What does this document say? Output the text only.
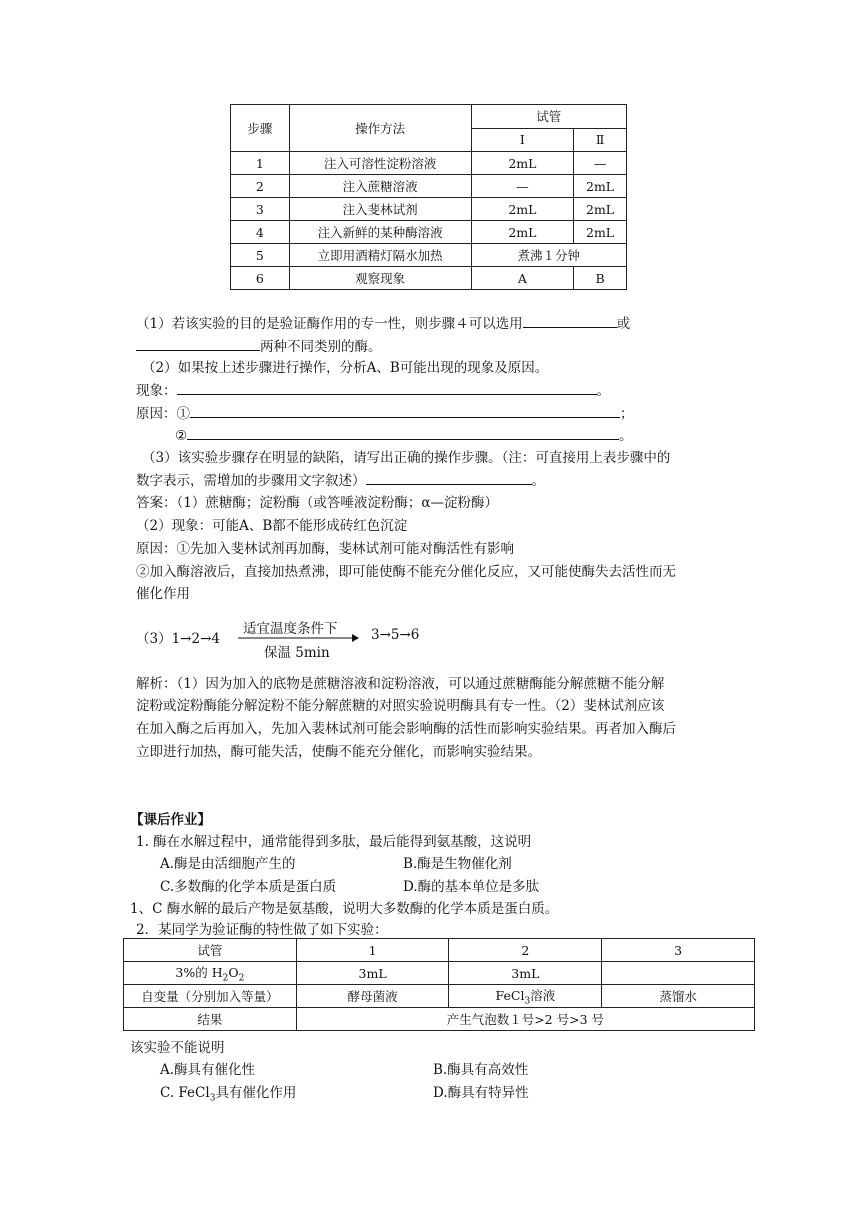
步骤	操作方法	试管	
		Ⅰ	Ⅱ
1	注入可溶性淀粉溶液	2mL	—
2	注入蔗糖溶液	—	2mL
3	注入斐林试剂	2mL	2mL
4	注入新鲜的某种酶溶液	2mL	2mL
5	立即用酒精灯隔水加热	煮沸１分钟	
6	观察现象	A	B
（1）若该实验的目的是验证酶作用的专一性，则步骤４可以选用	或
两种不同类别的酶。
（2）如果按上述步骤进行操作，分析A、B可能出现的现象及原因。
现象：	。
原因：①	；
②	。
（3）该实验步骤存在明显的缺陷，请写出正确的操作步骤。（注：可直接用上表步骤中的
数字表示，需增加的步骤用文字叙述）	。
答案：（1）蔗糖酶；淀粉酶（或答唾液淀粉酶；α—淀粉酶）
（2）现象：可能A、B都不能形成砖红色沉淀
原因：①先加入斐林试剂再加酶，斐林试剂可能对酶活性有影响
②加入酶溶液后，直接加热煮沸，即可能使酶不能充分催化反应，又可能使酶失去活性而无
催化作用
（3）1→2→4
适宜温度条件下
保温 5min
3→5→6
解析：（1）因为加入的底物是蔗糖溶液和淀粉溶液，可以通过蔗糖酶能分解蔗糖不能分解
淀粉或淀粉酶能分解淀粉不能分解蔗糖的对照实验说明酶具有专一性。（2）斐林试剂应该
在加入酶之后再加入，先加入裴林试剂可能会影响酶的活性而影响实验结果。再者加入酶后
立即进行加热，酶可能失活，使酶不能充分催化，而影响实验结果。
【课后作业】
1. 酶在水解过程中，通常能得到多肽，最后能得到氨基酸，这说明
A.酶是由活细胞产生的	B.酶是生物催化剂
C.多数酶的化学本质是蛋白质	D.酶的基本单位是多肽
1、C 酶水解的最后产物是氨基酸，说明大多数酶的化学本质是蛋白质。
2．某同学为验证酶的特性做了如下实验：
试管	1	2	3
3%的 $H_2O_2$	3mL	3mL	
自变量（分别加入等量）	酵母菌液	FeCl$_3$溶液	蒸馏水
结果	产生气泡数１号>2 号>3 号		
该实验不能说明
A.酶具有催化性	B.酶具有高效性
C. FeCl$_3$具有催化作用	D.酶具有特异性
